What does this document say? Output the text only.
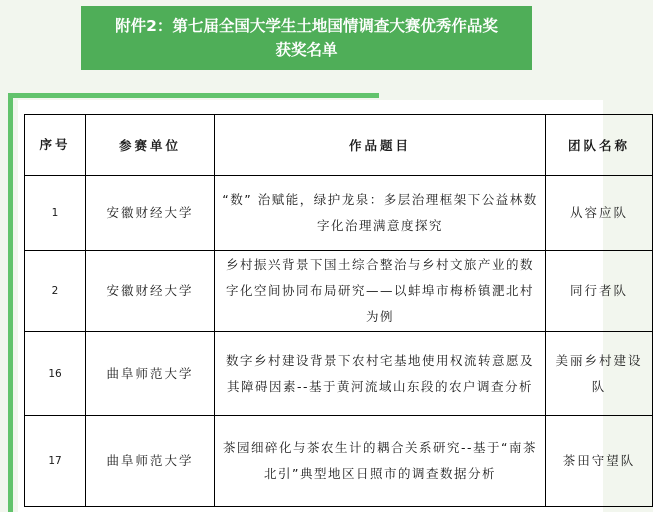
附件2：第七届全国大学生土地国情调查大赛优秀作品奖
获奖名单
序号	参赛单位	作品题目	团队名称
1	安徽财经大学	“数” 治赋能，绿护龙泉：多层治理框架下公益林数字化治理满意度探究	从容应队
2	安徽财经大学	乡村振兴背景下国土综合整治与乡村文旅产业的数字化空间协同布局研究——以蚌埠市梅桥镇淝北村为例	同行者队
16	曲阜师范大学	数字乡村建设背景下农村宅基地使用权流转意愿及其障碍因素--基于黄河流域山东段的农户调查分析	美丽乡村建设队
17	曲阜师范大学	茶园细碎化与茶农生计的耦合关系研究--基于“南茶北引”典型地区日照市的调查数据分析	茶田守望队
